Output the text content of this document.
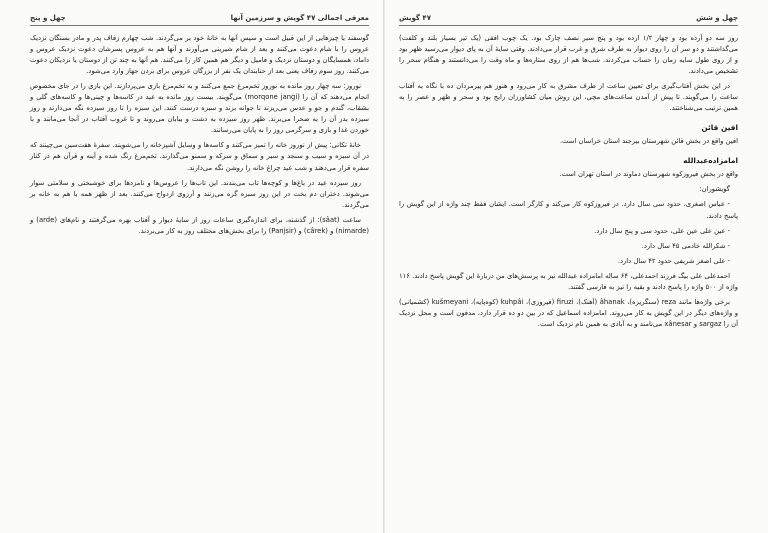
معرفی اجمالی ۴۷ گویش و سرزمین آنها
چهل و پنج

گوسفند یا چیزهایی از این قبیل است و سپس آنها به خانهٔ خود بر می‌گردند. شب چهارم زفاف پدر و مادر بستگان نزدیک عروس را با شام دعوت می‌کنند و بعد از شام شیرینی می‌آورند و آنها هم به عروس پسرشان دعوت نزدیک عروس و داماد، همسایگان و دوستان نزدیک و فامیل و دیگر هم همین کار را می‌کنند. هم آنها به چند تن از دوستان یا نزدیکان دعوت می‌کنند. روز سوم زفاف یعنی بعد از حنابندان یک نفر از بزرگان عروس برای بردن جهاز وارد می‌شود.

نوروز: سه چهار روز مانده به نوروز تخم‌مرغ جمع می‌کنند و به تخم‌مرغ بازی می‌پردازند. این بازی را در جای مخصوص انجام می‌دهند که آن را (morqone jangi) می‌گویند. بیست روز مانده به عید در کاسه‌ها و چینی‌ها و کاسه‌های گلی و بشقاب، گندم و جو و عدس می‌ریزند تا جوانه بزند و سبزه درست کنند. این سبزه را تا روز سیزده نگه می‌دارند و روز سیزده بدر آن را به صحرا می‌برند. ظهر روز سیزده به دشت و بیابان می‌روند و تا غروب آفتاب در آنجا می‌مانند و با خوردن غذا و بازی و سرگرمی روز را به پایان می‌رسانند.

خانهٔ تکانی: پیش از نوروز خانه را تمیز می‌کنند و کاسه‌ها و وسایل آشپزخانه را می‌شویند. سفرهٔ هفت‌سین می‌چینند که در آن سبزه و سیب و سنجد و سیر و سماق و سرکه و سمنو می‌گذارند. تخم‌مرغ رنگ شده و آینه و قرآن هم در کنار سفره قرار می‌دهند و شب عید چراغ خانه را روشن نگه می‌دارند.

روز سیزده عید در باغ‌ها و کوچه‌ها تاب می‌بندند. این تاب‌ها را عروس‌ها و نامزدها برای خوشبختی و سلامتی سوار می‌شوند. دختران دم بخت در این روز سبزه گره می‌زنند و آرزوی ازدواج می‌کنند. بعد از ظهر همه با هم به خانه بر می‌گردند.

ساعت (sâat): از گذشته، برای اندازه‌گیری ساعات روز از سایهٔ دیوار و آفتاب بهره می‌گرفتند و نام‌های (arde) و (nimarde) و (cârek) و (Panjsir) را برای بخش‌های مختلف روز به کار می‌بردند.

چهل و شش
۴۷ گویش

روز سه دو آرده بود و چهار ۱/۲ ارده بود و پنج سیر نصف چارک بود. یک چوب افقی (یک تیر بسیار بلند و کلفت) می‌گذاشتند و دو سر آن را روی دیوار به طرف شرق و غرب قرار می‌دادند. وقتی سایهٔ آن به پای دیوار می‌رسید ظهر بود و از روی طول سایه زمان را حساب می‌کردند. شب‌ها هم از روی ستاره‌ها و ماه وقت را می‌دانستند و هنگام سحر را تشخیص می‌دادند.

در این بخش آفتاب‌گیری برای تعیین ساعت از طرف مشرق به کار می‌رود و هنوز هم پیرمردان ده با نگاه به آفتاب ساعت را می‌گویند. تا پیش از آمدن ساعت‌های مچی، این روش میان کشاورزان رایج بود و سحر و ظهر و عصر را به همین ترتیب می‌شناختند.

افین قائن

افین واقع در بخش قائن شهرستان بیرجند استان خراسان است.

امامزاده‌عبدالله

واقع در بخش فیروزکوه شهرستان دماوند در استان تهران است.

گویشوران:

- عباس اصغری، حدود سی سال دارد. در فیروزکوه کار می‌کند و کارگر است. ایشان فقط چند واژه از این گویش را پاسخ دادند.

- عین علی عین علی، حدود سی و پنج سال دارد.

- شکرالله خادمی ۴۵ سال دارد.

- علی اصغر شریفی حدود ۴۲ سال دارد.

احمدعلی علی بیگ فرزند احمدعلی، ۶۴ ساله امامزاده عبدالله نیز به پرسش‌های من دربارهٔ این گویش پاسخ دادند. ۱۱۶ واژه از ۵۰۰ واژه را پاسخ دادند و بقیه را نیز به فارسی گفتند.

برخی واژه‌ها مانند reza (سنگریزه)، âhanak (آهنک)، firuzi (فیروزی)، kuhpâi (کوه‌پایه)، kušmeyani (کشمیانی) و واژه‌های دیگر در این گویش به کار می‌روند. امامزاده اسماعیل که در بین دو ده قرار دارد، مدفون است و محل نزدیک آن را sargaz و xânesar می‌نامند و به آبادی به همین نام نزدیک است.
